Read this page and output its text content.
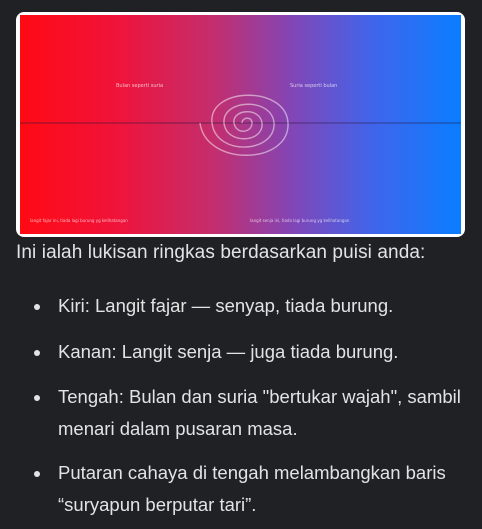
Bulan seperti suria	Suria seperti bulan
langit fajar ini, tiada lagi burung yg kelihatangan	langit senja ini, tiada lagi burung yg kelihatangan

Ini ialah lukisan ringkas berdasarkan puisi anda:

Kiri: Langit fajar — senyap, tiada burung.
Kanan: Langit senja — juga tiada burung.
Tengah: Bulan dan suria "bertukar wajah", sambil menari dalam pusaran masa.
Putaran cahaya di tengah melambangkan baris “suryapun berputar tari”.
